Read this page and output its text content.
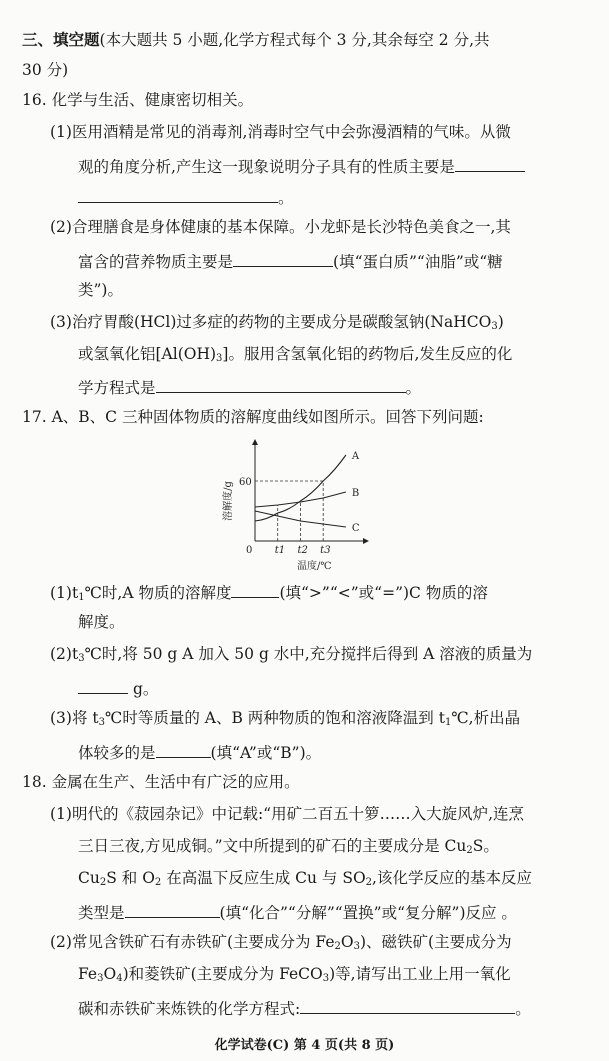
三、填空题(本大题共 5 小题,化学方程式每个 3 分,其余每空 2 分,共
30 分)
16. 化学与生活、健康密切相关。
(1)医用酒精是常见的消毒剂,消毒时空气中会弥漫酒精的气味。从微
观的角度分析,产生这一现象说明分子具有的性质主要是
。
(2)合理膳食是身体健康的基本保障。小龙虾是长沙特色美食之一,其
富含的营养物质主要是	(填“蛋白质”“油脂”或“糖
类”)。
(3)治疗胃酸(HCl)过多症的药物的主要成分是碳酸氢钠(NaHCO$_3$)
或氢氧化铝$[Al(OH)_3]$。服用含氢氧化铝的药物后,发生反应的化
学方程式是	。
17. A、B、C 三种固体物质的溶解度曲线如图所示。回答下列问题:
A
B
C
t1 t2 t3
60
0
温度/℃
溶解度/g
$(1)t_1℃$时,A 物质的溶解度	(填“>”“<”或“=”)C 物质的溶
解度。
$(2)t_3℃$时,将 50 g A 加入 50 g 水中,充分搅拌后得到 A 溶液的质量为
g。
(3)将 $t_3℃$时等质量的 A、B 两种物质的饱和溶液降温到 $t_1℃$,析出晶
体较多的是	(填“A”或“B”)。
18. 金属在生产、生活中有广泛的应用。
(1)明代的《菽园杂记》中记载:“用矿二百五十箩……入大旋风炉,连烹
三日三夜,方见成铜。”文中所提到的矿石的主要成分是 $Cu_2S$。
$Cu_2S$ 和 $O_2$ 在高温下反应生成 Cu 与 $SO_2$,该化学反应的基本反应
类型是	(填“化合”“分解”“置换”或“复分解”)反应 。
(2)常见含铁矿石有赤铁矿(主要成分为 $Fe_2O_3$)、磁铁矿(主要成分为
$Fe_3O_4$)和菱铁矿(主要成分为 FeCO$_3$)等,请写出工业上用一氧化
碳和赤铁矿来炼铁的化学方程式:	。
化学试卷(C) 第 4 页(共 8 页)
